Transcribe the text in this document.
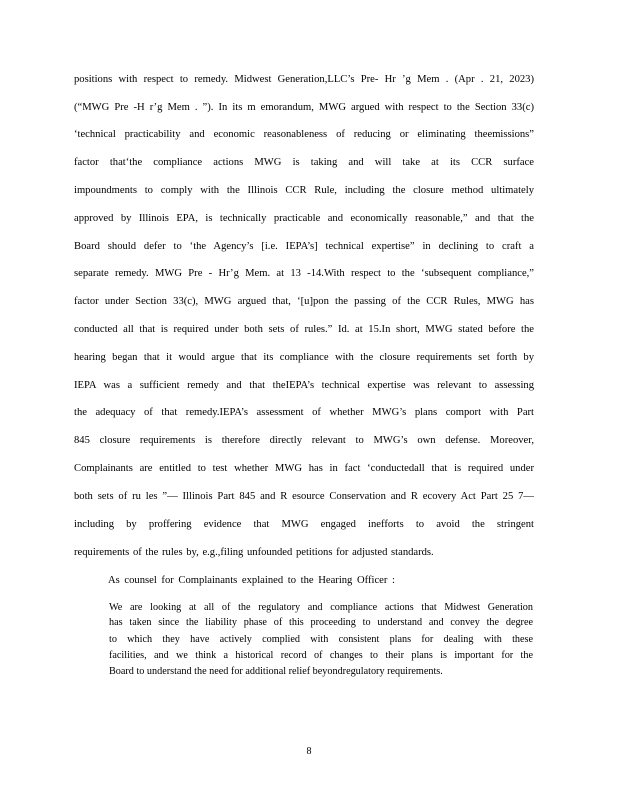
positions with respect to remedy. Midwest Generation,LLC’s Pre- Hr ’g Mem . (Apr . 21, 2023)
(“MWG Pre -H r’g Mem . ”). In its m emorandum, MWG argued with respect to the Section 33(c)
‘technical practicability and economic reasonableness of reducing or eliminating theemissions”
factor that‘the compliance actions MWG is taking and will take at its CCR surface
impoundments to comply with the Illinois CCR Rule, including the closure method ultimately
approved by Illinois EPA, is technically practicable and economically reasonable,” and that the
Board should defer to ‘the Agency’s [i.e. IEPA’s] technical expertise” in declining to craft a
separate remedy. MWG Pre - Hr’g Mem. at 13 -14.With respect to the ‘subsequent compliance,”
factor under Section 33(c), MWG argued that, ‘[u]pon the passing of the CCR Rules, MWG has
conducted all that is required under both sets of rules.” Id. at 15.In short, MWG stated before the
hearing began that it would argue that its compliance with the closure requirements set forth by
IEPA was a sufficient remedy and that theIEPA’s technical expertise was relevant to assessing
the adequacy of that remedy.IEPA’s assessment of whether MWG’s plans comport with Part
845 closure requirements is therefore directly relevant to MWG’s own defense. Moreover,
Complainants are entitled to test whether MWG has in fact ‘conductedall that is required under
both sets of ru les ”— Illinois Part 845 and R esource Conservation and R ecovery Act Part 25 7—
including by proffering evidence that MWG engaged inefforts to avoid the stringent
requirements of the rules by, e.g.,filing unfounded petitions for adjusted standards.
As counsel for Complainants explained to the Hearing Officer :
We are looking at all of the regulatory and compliance actions that Midwest Generation
has taken since the liability phase of this proceeding to understand and convey the degree
to which they have actively complied with consistent plans for dealing with these
facilities, and we think a historical record of changes to their plans is important for the
Board to understand the need for additional relief beyondregulatory requirements.
8
